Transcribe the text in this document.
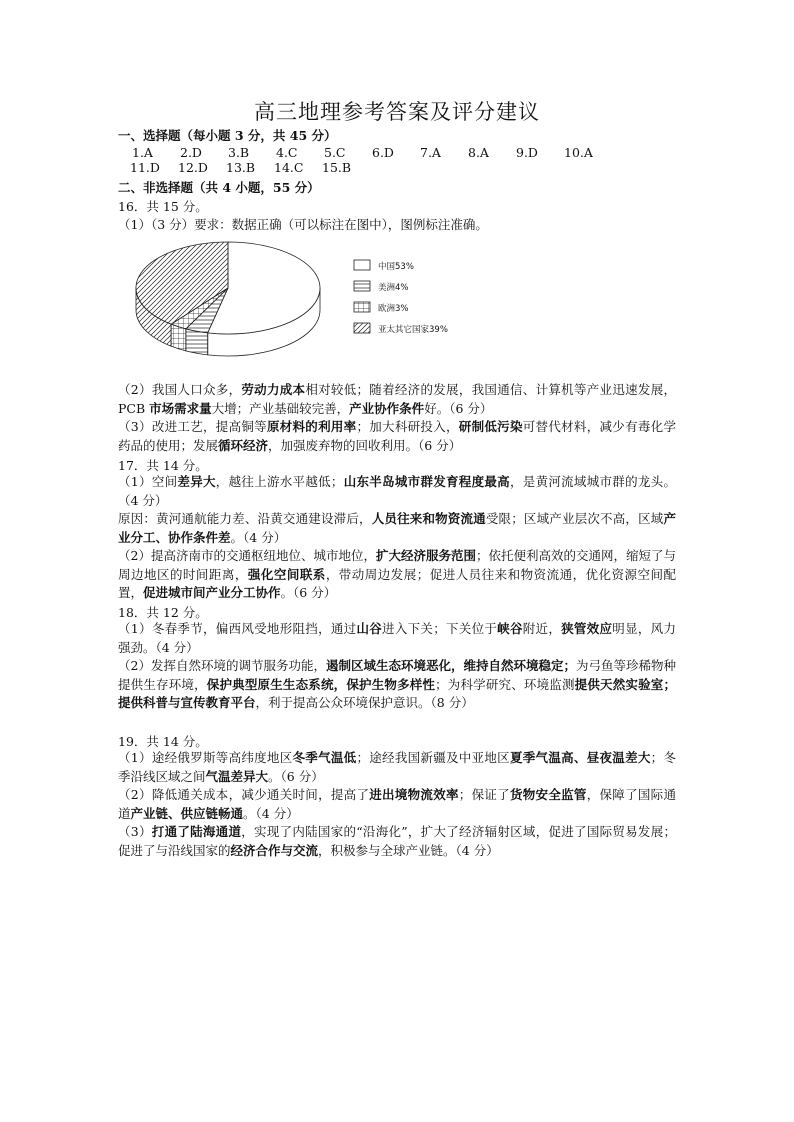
高三地理参考答案及评分建议
一、选择题（每小题 3 分，共 45 分）
1.A 2.D 3.B 4.C 5.C 6.D 7.A 8.A 9.D 10.A
11.D 12.D 13.B 14.C 15.B
二、非选择题（共 4 小题，55 分）
16．共 15 分。
（1）（3 分）要求：数据正确（可以标注在图中），图例标注准确。
中国53%
美洲4%
欧洲3%
亚太其它国家39%
（2）我国人口众多，劳动力成本相对较低；随着经济的发展，我国通信、计算机等产业迅速发展，PCB 市场需求量大增；产业基础较完善，产业协作条件好。（6 分）
（3）改进工艺，提高铜等原材料的利用率；加大科研投入，研制低污染可替代材料，减少有毒化学药品的使用；发展循环经济，加强废弃物的回收利用。（6 分）
17．共 14 分。
（1）空间差异大，越往上游水平越低；山东半岛城市群发育程度最高，是黄河流域城市群的龙头。（4 分）
原因：黄河通航能力差、沿黄交通建设滞后，人员往来和物资流通受限；区域产业层次不高，区域产业分工、协作条件差。（4 分）
（2）提高济南市的交通枢纽地位、城市地位，扩大经济服务范围；依托便利高效的交通网，缩短了与周边地区的时间距离，强化空间联系，带动周边发展；促进人员往来和物资流通，优化资源空间配置，促进城市间产业分工协作。（6 分）
18．共 12 分。
（1）冬春季节，偏西风受地形阻挡，通过山谷进入下关；下关位于峡谷附近，狭管效应明显，风力强劲。（4 分）
（2）发挥自然环境的调节服务功能，遏制区域生态环境恶化，维持自然环境稳定；为弓鱼等珍稀物种提供生存环境，保护典型原生生态系统，保护生物多样性；为科学研究、环境监测提供天然实验室；提供科普与宣传教育平台，利于提高公众环境保护意识。（8 分）
19．共 14 分。
（1）途经俄罗斯等高纬度地区冬季气温低；途经我国新疆及中亚地区夏季气温高、昼夜温差大；冬季沿线区域之间气温差异大。（6 分）
（2）降低通关成本，减少通关时间，提高了进出境物流效率；保证了货物安全监管，保障了国际通道产业链、供应链畅通。（4 分）
（3）打通了陆海通道，实现了内陆国家的“沿海化”，扩大了经济辐射区域，促进了国际贸易发展；促进了与沿线国家的经济合作与交流，积极参与全球产业链。（4 分）
